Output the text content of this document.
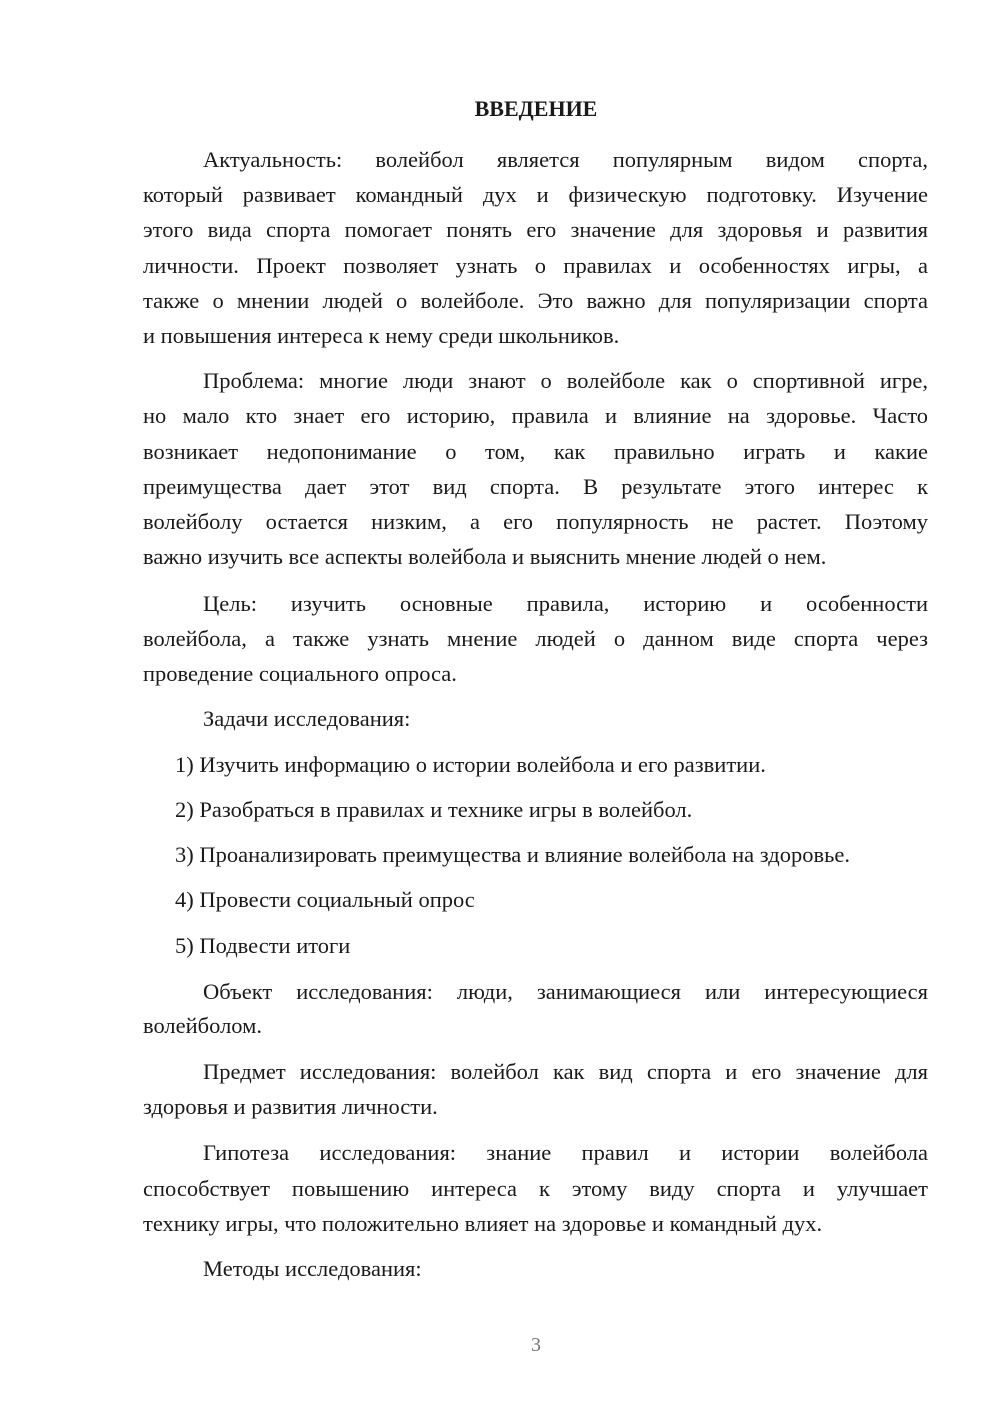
ВВЕДЕНИЕ
Актуальность: волейбол является популярным видом спорта,
который развивает командный дух и физическую подготовку. Изучение
этого вида спорта помогает понять его значение для здоровья и развития
личности. Проект позволяет узнать о правилах и особенностях игры, а
также о мнении людей о волейболе. Это важно для популяризации спорта
и повышения интереса к нему среди школьников.
Проблема: многие люди знают о волейболе как о спортивной игре,
но мало кто знает его историю, правила и влияние на здоровье. Часто
возникает недопонимание о том, как правильно играть и какие
преимущества дает этот вид спорта. В результате этого интерес к
волейболу остается низким, а его популярность не растет. Поэтому
важно изучить все аспекты волейбола и выяснить мнение людей о нем.
Цель: изучить основные правила, историю и особенности
волейбола, а также узнать мнение людей о данном виде спорта через
проведение социального опроса.
Задачи исследования:
Объект исследования: люди, занимающиеся или интересующиеся
волейболом.
Предмет исследования: волейбол как вид спорта и его значение для
здоровья и развития личности.
Гипотеза исследования: знание правил и истории волейбола
способствует повышению интереса к этому виду спорта и улучшает
технику игры, что положительно влияет на здоровье и командный дух.
Методы исследования:
1) Изучить информацию о истории волейбола и его развитии.
2) Разобраться в правилах и технике игры в волейбол.
3) Проанализировать преимущества и влияние волейбола на здоровье.
4) Провести социальный опрос
5) Подвести итоги
3
